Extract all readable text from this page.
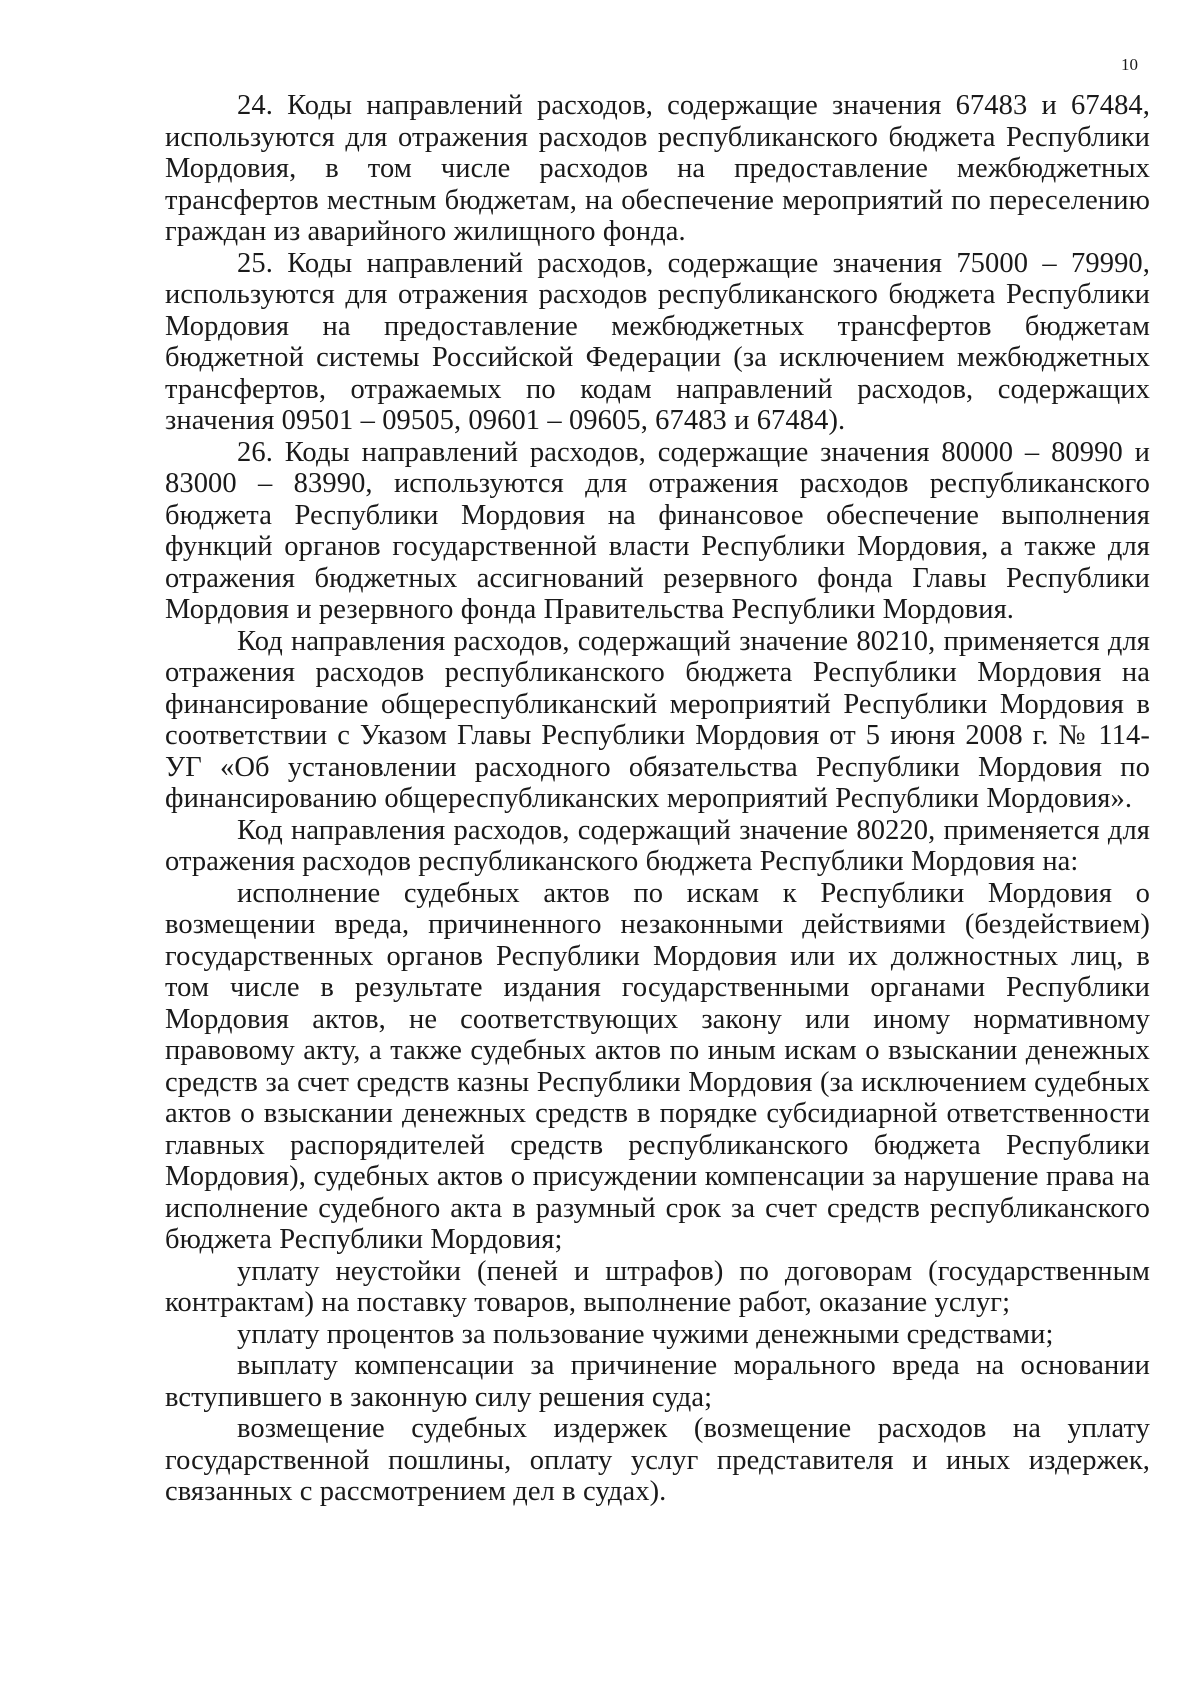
10

24. Коды направлений расходов, содержащие значения 67483 и 67484, используются для отражения расходов республиканского бюджета Республики Мордовия, в том числе расходов на предоставление межбюджетных трансфертов местным бюджетам, на обеспечение мероприятий по переселению граждан из аварийного жилищного фонда.

25. Коды направлений расходов, содержащие значения 75000 – 79990, используются для отражения расходов республиканского бюджета Республики Мордовия на предоставление межбюджетных трансфертов бюджетам бюджетной системы Российской Федерации (за исключением межбюджетных трансфертов, отражаемых по кодам направлений расходов, содержащих значения 09501 – 09505, 09601 – 09605, 67483 и 67484).

26. Коды направлений расходов, содержащие значения 80000 – 80990 и 83000 – 83990, используются для отражения расходов республиканского бюджета Республики Мордовия на финансовое обеспечение выполнения функций органов государственной власти Республики Мордовия, а также для отражения бюджетных ассигнований резервного фонда Главы Республики Мордовия и резервного фонда Правительства Республики Мордовия.

Код направления расходов, содержащий значение 80210, применяется для отражения расходов республиканского бюджета Республики Мордовия на финансирование общереспубликанский мероприятий Республики Мордовия в соответствии с Указом Главы Республики Мордовия от 5 июня 2008 г. № 114-УГ «Об установлении расходного обязательства Республики Мордовия по финансированию общереспубликанских мероприятий Республики Мордовия».

Код направления расходов, содержащий значение 80220, применяется для отражения расходов республиканского бюджета Республики Мордовия на:

исполнение судебных актов по искам к Республики Мордовия о возмещении вреда, причиненного незаконными действиями (бездействием) государственных органов Республики Мордовия или их должностных лиц, в том числе в результате издания государственными органами Республики Мордовия актов, не соответствующих закону или иному нормативному правовому акту, а также судебных актов по иным искам о взыскании денежных средств за счет средств казны Республики Мордовия (за исключением судебных актов о взыскании денежных средств в порядке субсидиарной ответственности главных распорядителей средств республиканского бюджета Республики Мордовия), судебных актов о присуждении компенсации за нарушение права на исполнение судебного акта в разумный срок за счет средств республиканского бюджета Республики Мордовия;

уплату неустойки (пеней и штрафов) по договорам (государственным контрактам) на поставку товаров, выполнение работ, оказание услуг;

уплату процентов за пользование чужими денежными средствами;

выплату компенсации за причинение морального вреда на основании вступившего в законную силу решения суда;

возмещение судебных издержек (возмещение расходов на уплату государственной пошлины, оплату услуг представителя и иных издержек, связанных с рассмотрением дел в судах).
